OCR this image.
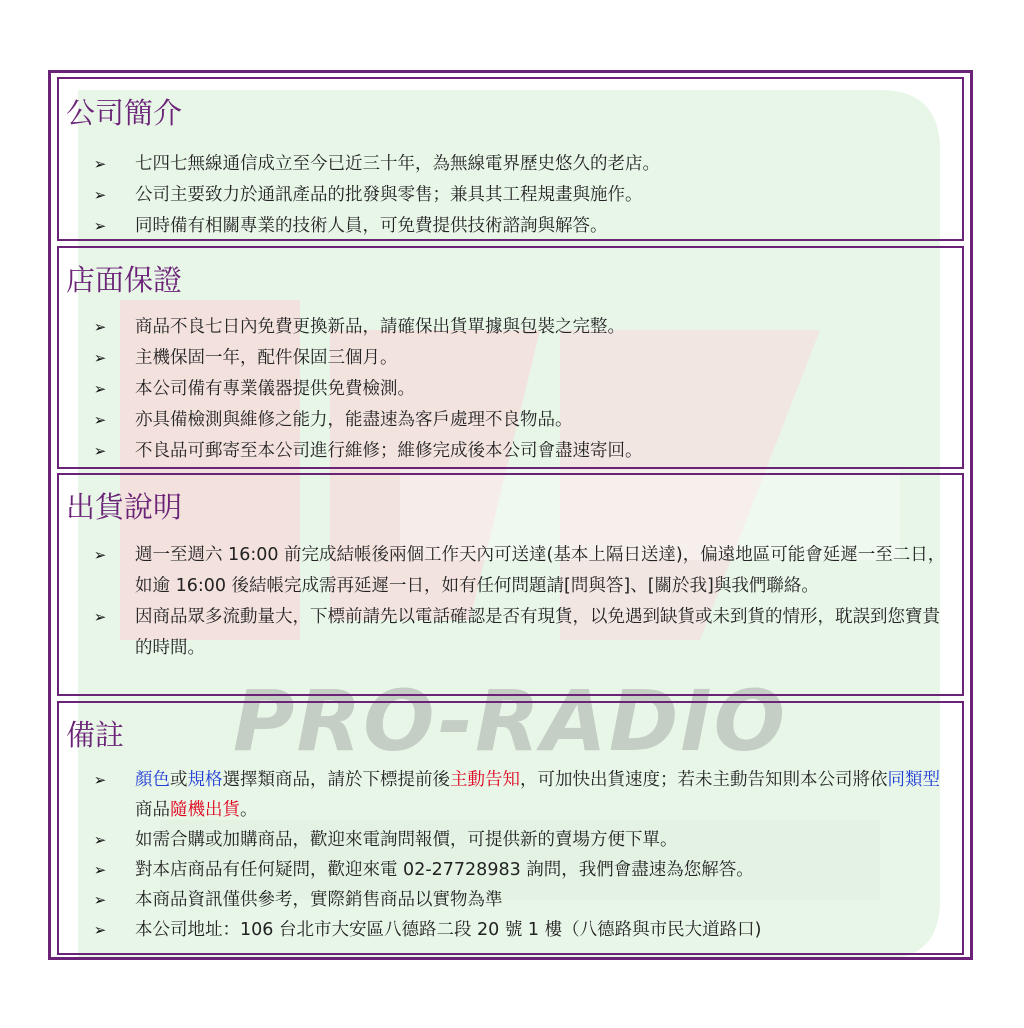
PRO-RADIO
公司簡介
➢ 七四七無線通信成立至今已近三十年，為無線電界歷史悠久的老店。
➢ 公司主要致力於通訊產品的批發與零售；兼具其工程規畫與施作。
➢ 同時備有相關專業的技術人員，可免費提供技術諮詢與解答。
店面保證
➢ 商品不良七日內免費更換新品，請確保出貨單據與包裝之完整。
➢ 主機保固一年，配件保固三個月。
➢ 本公司備有專業儀器提供免費檢測。
➢ 亦具備檢測與維修之能力，能盡速為客戶處理不良物品。
➢ 不良品可郵寄至本公司進行維修；維修完成後本公司會盡速寄回。
出貨說明
➢ 週一至週六 16:00 前完成結帳後兩個工作天內可送達(基本上隔日送達)，偏遠地區可能會延遲一至二日，如逾 16:00 後結帳完成需再延遲一日，如有任何問題請[問與答]、[關於我]與我們聯絡。
➢ 因商品眾多流動量大，下標前請先以電話確認是否有現貨，以免遇到缺貨或未到貨的情形，耽誤到您寶貴的時間。
備註
➢ 顏色或規格選擇類商品，請於下標提前後主動告知，可加快出貨速度；若未主動告知則本公司將依同類型商品隨機出貨。
➢ 如需合購或加購商品，歡迎來電詢問報價，可提供新的賣場方便下單。
➢ 對本店商品有任何疑問，歡迎來電 02-27728983 詢問，我們會盡速為您解答。
➢ 本商品資訊僅供參考，實際銷售商品以實物為準
➢ 本公司地址：106 台北市大安區八德路二段 20 號 1 樓（八德路與市民大道路口)
